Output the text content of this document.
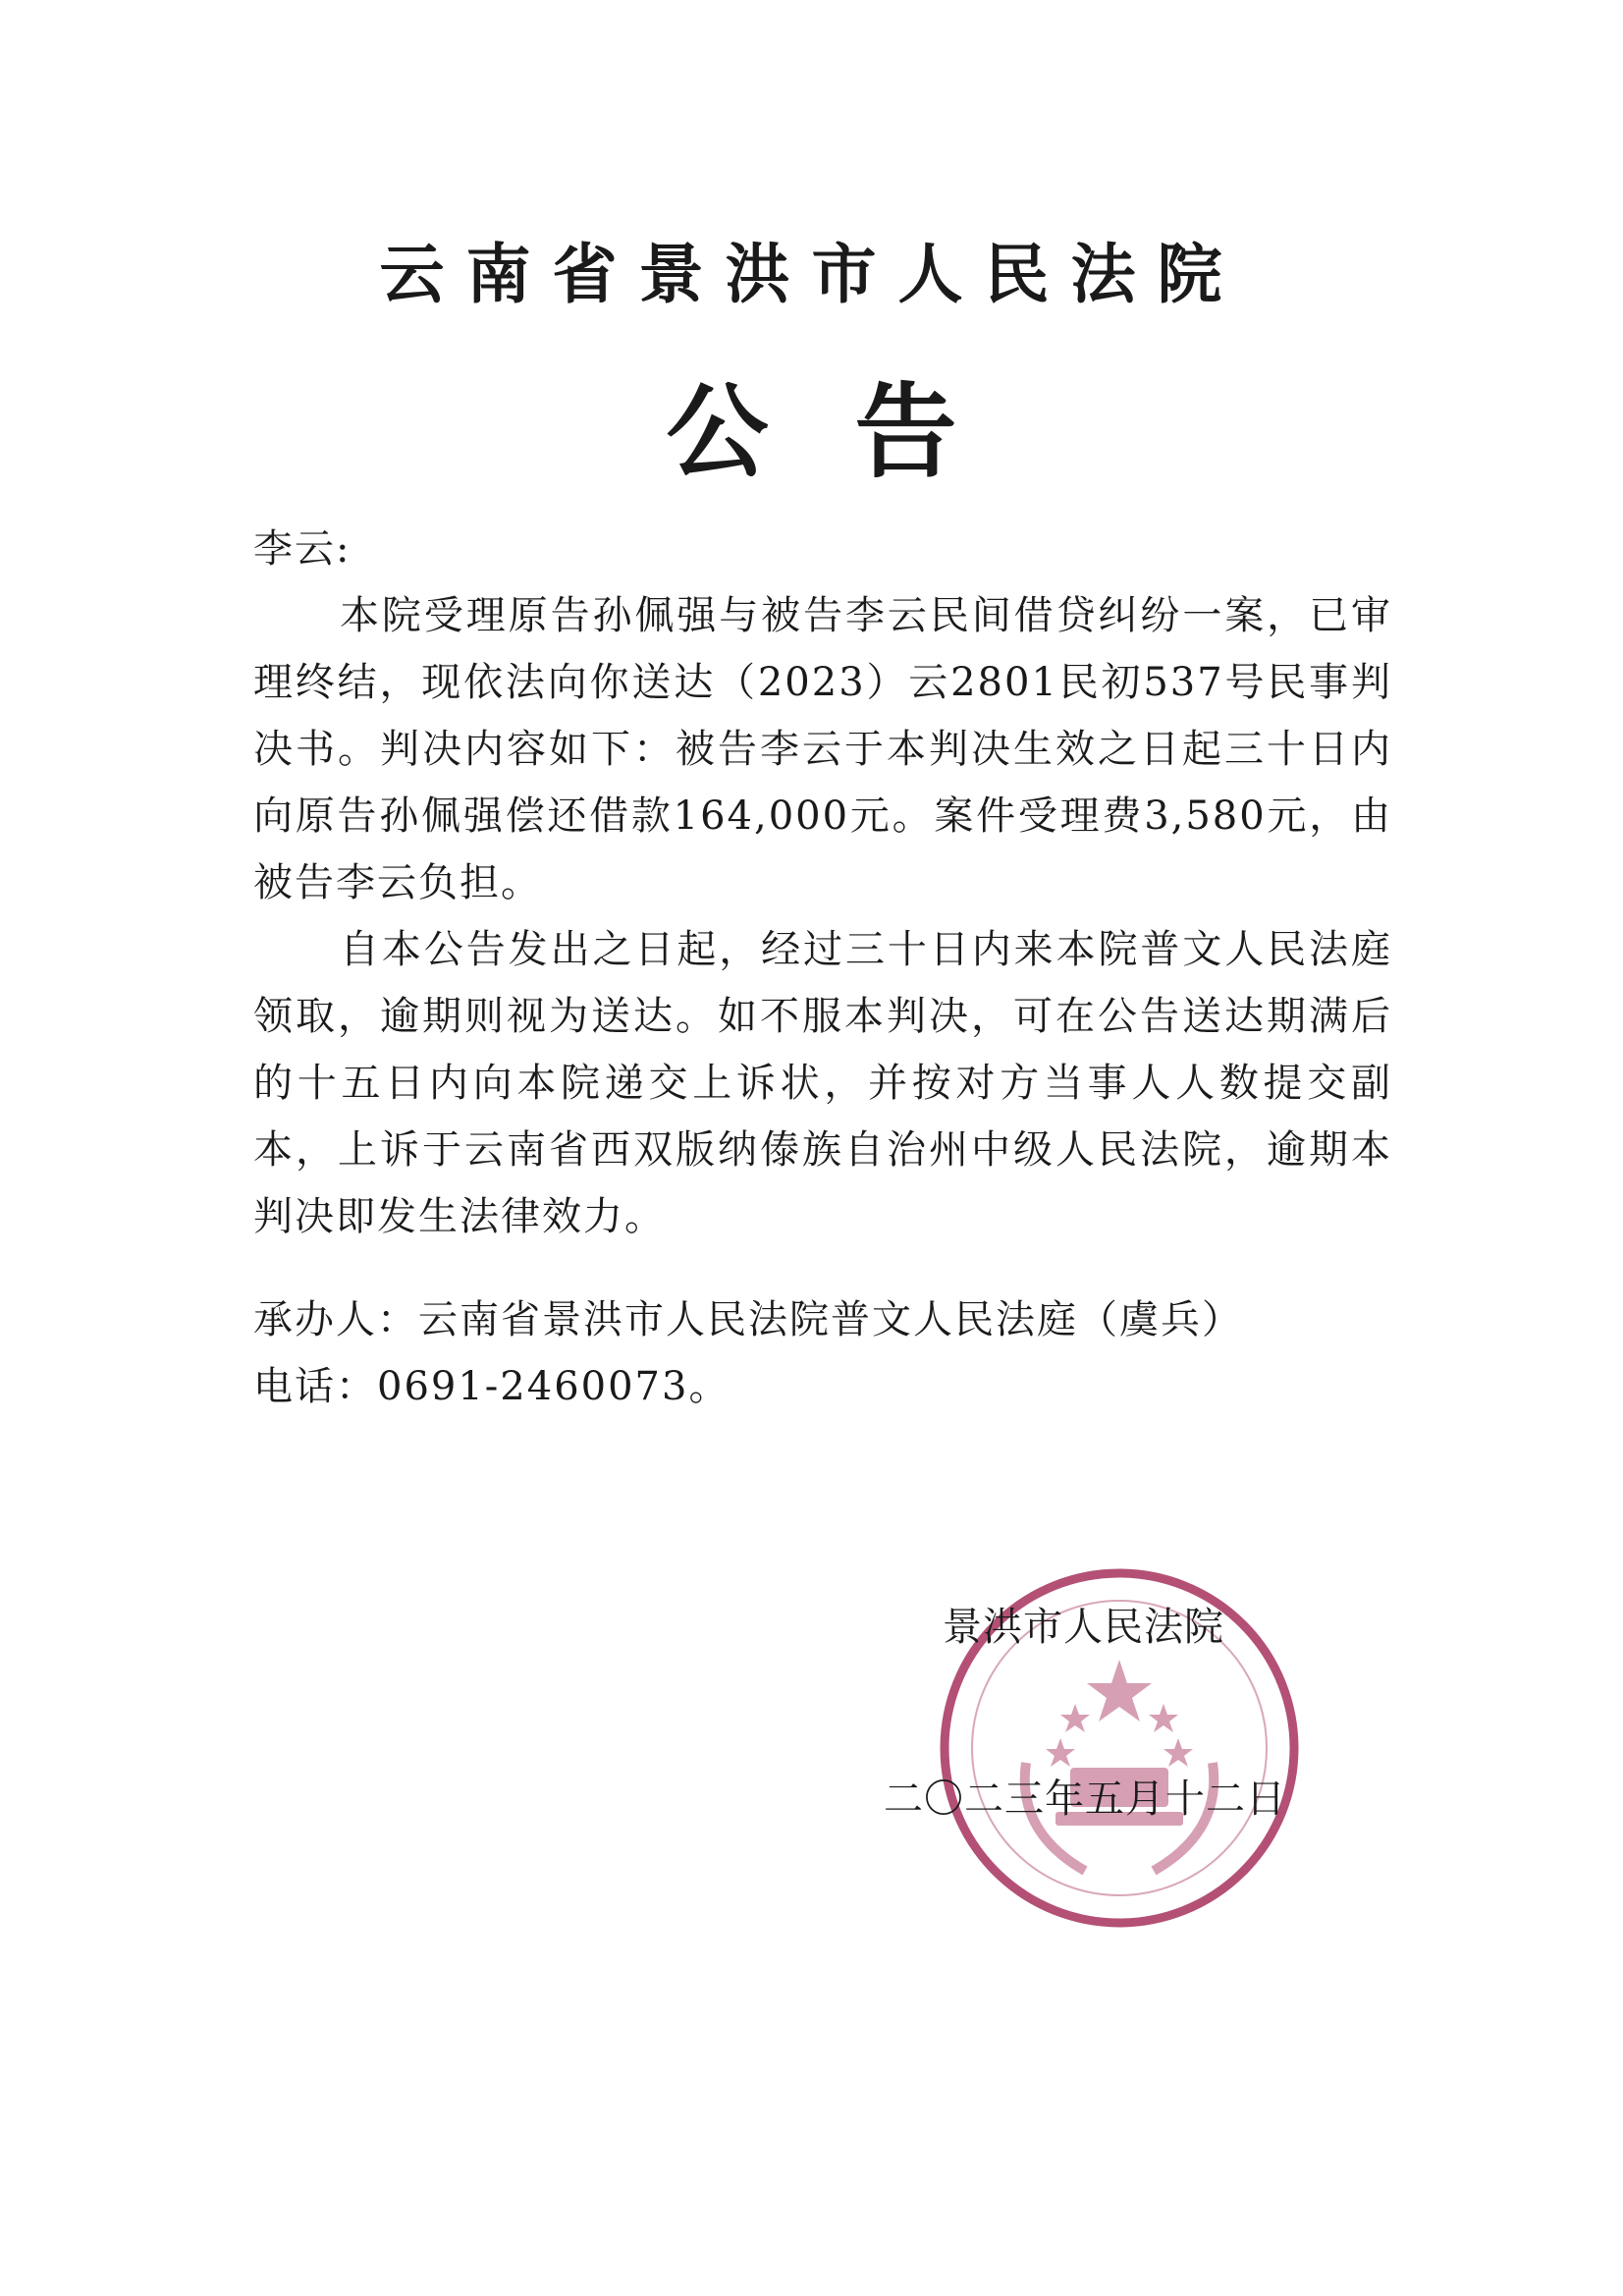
云南省景洪市人民法院
公告
李云:
本院受理原告孙佩强与被告李云民间借贷纠纷一案，已审理终结，现依法向你送达（2023）云2801民初537号民事判决书。判决内容如下：被告李云于本判决生效之日起三十日内向原告孙佩强偿还借款164,000元。案件受理费3,580元，由被告李云负担。
自本公告发出之日起，经过三十日内来本院普文人民法庭领取，逾期则视为送达。如不服本判决，可在公告送达期满后的十五日内向本院递交上诉状，并按对方当事人人数提交副本，上诉于云南省西双版纳傣族自治州中级人民法院，逾期本判决即发生法律效力。
承办人：云南省景洪市人民法院普文人民法庭（虞兵）
电话：0691-2460073。
景洪市人民法院
二〇二三年五月十二日
